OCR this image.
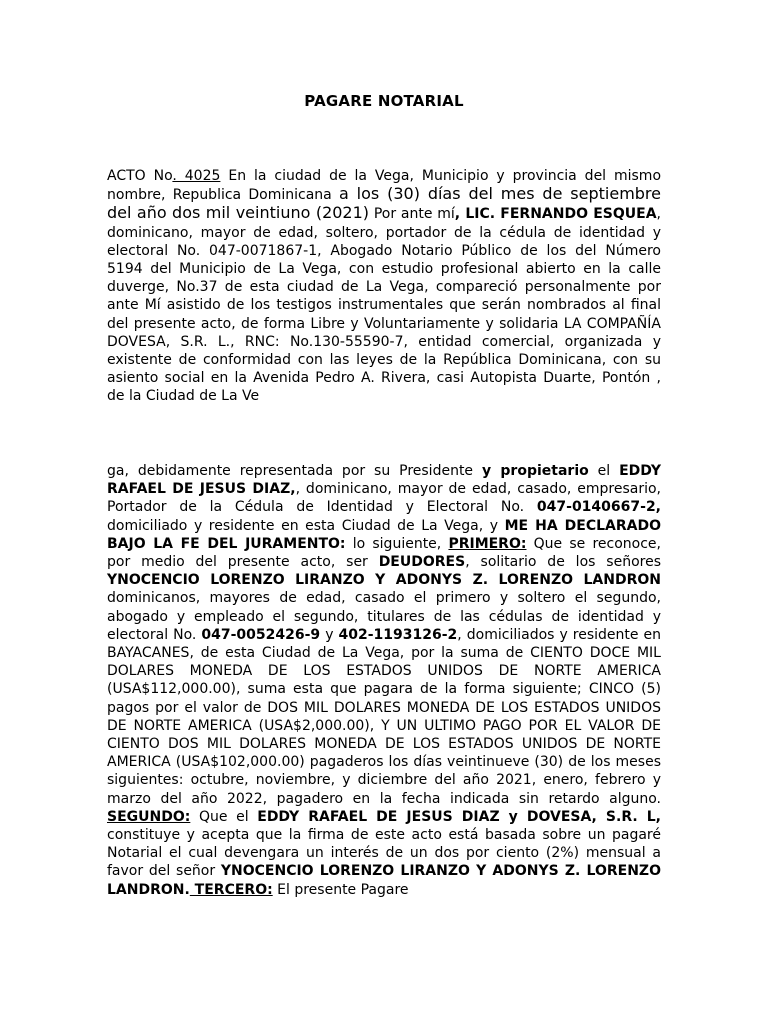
PAGARE NOTARIAL
ACTO No. 4025 En la ciudad de la Vega, Municipio y provincia del mismo nombre, Republica Dominicana a los (30) días del mes de septiembre del año dos mil veintiuno (2021) Por ante mí, LIC. FERNANDO ESQUEA, dominicano, mayor de edad, soltero, portador de la cédula de identidad y electoral No. 047-0071867-1, Abogado Notario Público de los del Número 5194 del Municipio de La Vega, con estudio profesional abierto en la calle duverge, No.37 de esta ciudad de La Vega, compareció personalmente por ante Mí asistido de los testigos instrumentales que serán nombrados al final del presente acto, de forma Libre y Voluntariamente y solidaria LA COMPAÑÍA DOVESA, S.R. L., RNC: No.130-55590-7, entidad comercial, organizada y existente de conformidad con las leyes de la República Dominicana, con su asiento social en la Avenida Pedro A. Rivera, casi Autopista Duarte, Pontón , de la Ciudad de La Ve
ga, debidamente representada por su Presidente y propietario el EDDY RAFAEL DE JESUS DIAZ,, dominicano, mayor de edad, casado, empresario, Portador de la Cédula de Identidad y Electoral No. 047-0140667-2, domiciliado y residente en esta Ciudad de La Vega, y ME HA DECLARADO BAJO LA FE DEL JURAMENTO: lo siguiente, PRIMERO: Que se reconoce, por medio del presente acto, ser DEUDORES, solitario de los señores YNOCENCIO LORENZO LIRANZO Y ADONYS Z. LORENZO LANDRON dominicanos, mayores de edad, casado el primero y soltero el segundo, abogado y empleado el segundo, titulares de las cédulas de identidad y electoral No. 047-0052426-9 y 402-1193126-2, domiciliados y residente en BAYACANES, de esta Ciudad de La Vega, por la suma de CIENTO DOCE MIL DOLARES MONEDA DE LOS ESTADOS UNIDOS DE NORTE AMERICA (USA$112,000.00), suma esta que pagara de la forma siguiente; CINCO (5) pagos por el valor de DOS MIL DOLARES MONEDA DE LOS ESTADOS UNIDOS DE NORTE AMERICA (USA$2,000.00), Y UN ULTIMO PAGO POR EL VALOR DE CIENTO DOS MIL DOLARES MONEDA DE LOS ESTADOS UNIDOS DE NORTE AMERICA (USA$102,000.00) pagaderos los días veintinueve (30) de los meses siguientes: octubre, noviembre, y diciembre del año 2021, enero, febrero y marzo del año 2022, pagadero en la fecha indicada sin retardo alguno. SEGUNDO: Que el EDDY RAFAEL DE JESUS DIAZ y DOVESA, S.R. L, constituye y acepta que la firma de este acto está basada sobre un pagaré Notarial el cual devengara un interés de un dos por ciento (2%) mensual a favor del señor YNOCENCIO LORENZO LIRANZO Y ADONYS Z. LORENZO LANDRON. TERCERO: El presente Pagare
